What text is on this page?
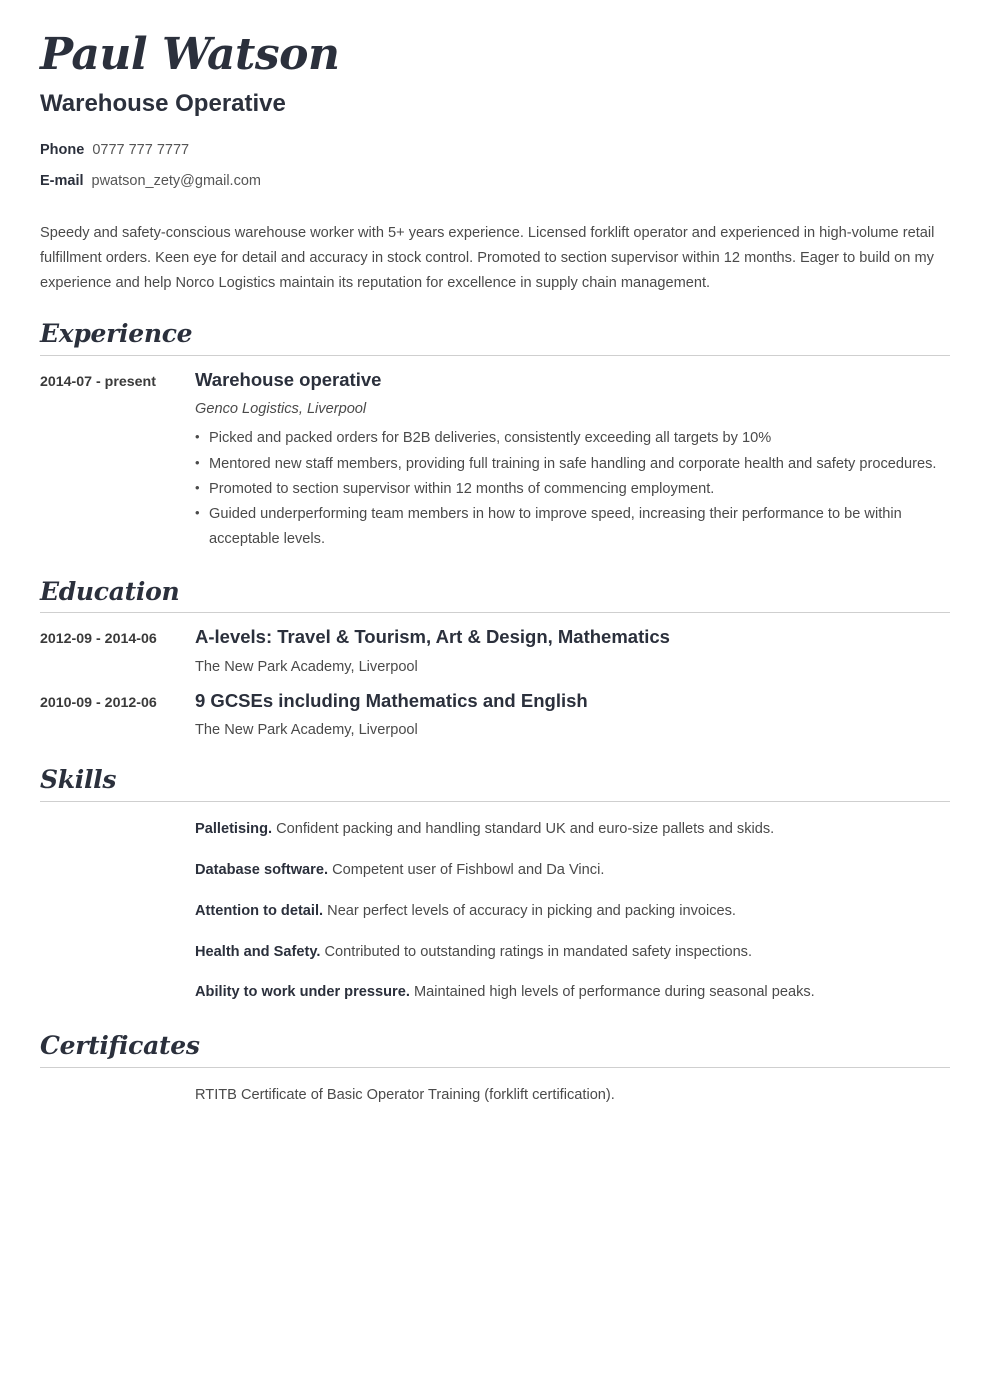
Paul Watson
Warehouse Operative
Phone 0777 777 7777
E-mail pwatson_zety@gmail.com

Speedy and safety-conscious warehouse worker with 5+ years experience. Licensed forklift operator and experienced in high-volume retail fulfillment orders. Keen eye for detail and accuracy in stock control. Promoted to section supervisor within 12 months. Eager to build on my experience and help Norco Logistics maintain its reputation for excellence in supply chain management.

Experience
2014-07 - present	Warehouse operative
Genco Logistics, Liverpool
• Picked and packed orders for B2B deliveries, consistently exceeding all targets by 10%
• Mentored new staff members, providing full training in safe handling and corporate health and safety procedures.
• Promoted to section supervisor within 12 months of commencing employment.
• Guided underperforming team members in how to improve speed, increasing their performance to be within acceptable levels.
Education
2012-09 - 2014-06	A-levels: Travel & Tourism, Art & Design, Mathematics
The New Park Academy, Liverpool
2010-09 - 2012-06	9 GCSEs including Mathematics and English
The New Park Academy, Liverpool
Skills
Palletising. Confident packing and handling standard UK and euro-size pallets and skids.
Database software. Competent user of Fishbowl and Da Vinci.
Attention to detail. Near perfect levels of accuracy in picking and packing invoices.
Health and Safety. Contributed to outstanding ratings in mandated safety inspections.
Ability to work under pressure. Maintained high levels of performance during seasonal peaks.
Certificates
RTITB Certificate of Basic Operator Training (forklift certification).
